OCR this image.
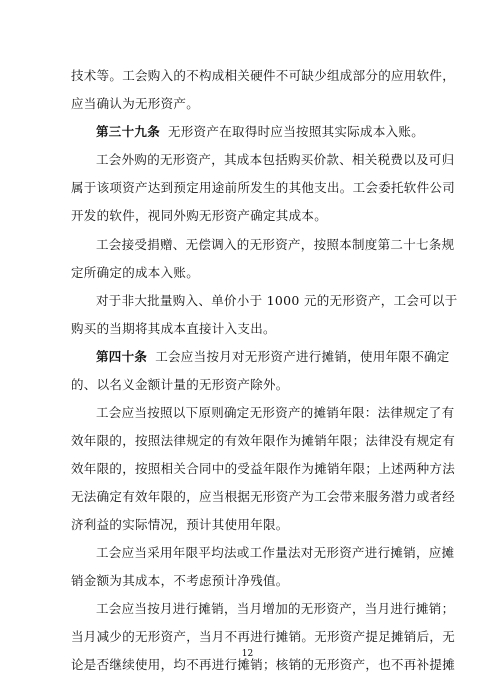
技术等。工会购入的不构成相关硬件不可缺少组成部分的应用软件，
应当确认为无形资产。
第三十九条 无形资产在取得时应当按照其实际成本入账。
工会外购的无形资产，其成本包括购买价款、相关税费以及可归
属于该项资产达到预定用途前所发生的其他支出。工会委托软件公司
开发的软件，视同外购无形资产确定其成本。
工会接受捐赠、无偿调入的无形资产，按照本制度第二十七条规
定所确定的成本入账。
对于非大批量购入、单价小于 1000 元的无形资产，工会可以于
购买的当期将其成本直接计入支出。
第四十条 工会应当按月对无形资产进行摊销，使用年限不确定
的、以名义金额计量的无形资产除外。
工会应当按照以下原则确定无形资产的摊销年限：法律规定了有
效年限的，按照法律规定的有效年限作为摊销年限；法律没有规定有
效年限的，按照相关合同中的受益年限作为摊销年限；上述两种方法
无法确定有效年限的，应当根据无形资产为工会带来服务潜力或者经
济利益的实际情况，预计其使用年限。
工会应当采用年限平均法或工作量法对无形资产进行摊销，应摊
销金额为其成本，不考虑预计净残值。
工会应当按月进行摊销，当月增加的无形资产，当月进行摊销；
当月减少的无形资产，当月不再进行摊销。无形资产提足摊销后，无
论是否继续使用，均不再进行摊销；核销的无形资产，也不再补提摊
12
